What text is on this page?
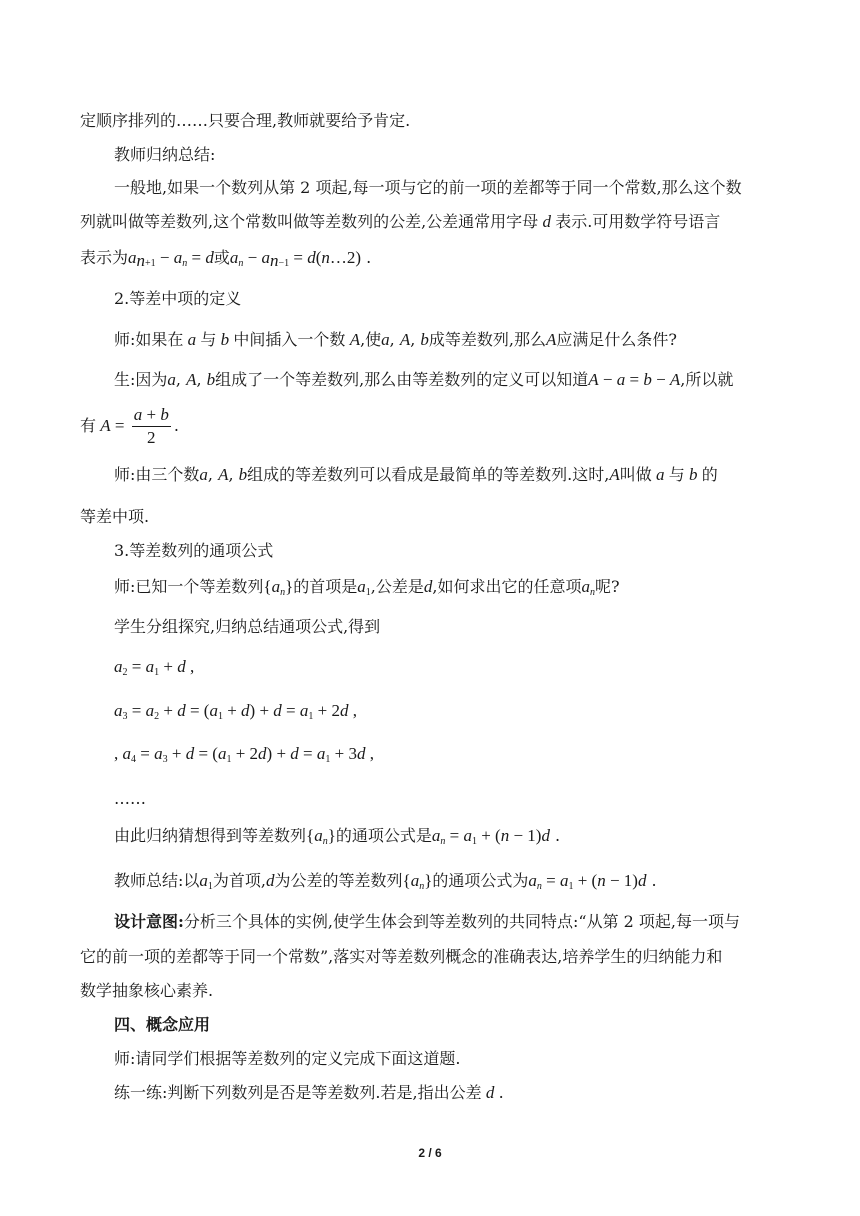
定顺序排列的……只要合理,教师就要给予肯定.
教师归纳总结:
一般地,如果一个数列从第 2 项起,每一项与它的前一项的差都等于同一个常数,那么这个数
列就叫做等差数列,这个常数叫做等差数列的公差,公差通常用字母 d 表示.可用数学符号语言
表示为$a_{n+1} - a_n = d$或$a_n - a_{n-1}$ = d(n…2) .
2.等差中项的定义
师:如果在 a 与 b 中间插入一个数 A,使a, A, b成等差数列,那么A应满足什么条件?
生:因为a, A, b组成了一个等差数列,那么由等差数列的定义可以知道A − a = b − A,所以就
有 $A = \frac{a + b}{2}$ .
师:由三个数a, A, b组成的等差数列可以看成是最简单的等差数列.这时,A叫做 a 与 b 的
等差中项.
3.等差数列的通项公式
师:已知一个等差数列$\{a_n\}$的首项是$a_1$,公差是d,如何求出它的任意项$a_n$呢?
学生分组探究,归纳总结通项公式,得到
$a_2 = a_1 + d$ ,
$a_3 = a_2 + d = (a_1 + d) + d = a_1 + 2d$ ,
, $a_4 = a_3 + d = (a_1 + 2d) + d = a_1 + 3d$ ,
……
由此归纳猜想得到等差数列$\{a_n\}$的通项公式是$a_n = a_1 + (n - 1)d$ .
教师总结:以$a_1$为首项,d为公差的等差数列$\{a_n\}$的通项公式为$a_n = a_1 + (n - 1)d$ .
设计意图:分析三个具体的实例,使学生体会到等差数列的共同特点:“从第 2 项起,每一项与
它的前一项的差都等于同一个常数”,落实对等差数列概念的准确表达,培养学生的归纳能力和
数学抽象核心素养.
四、概念应用
师:请同学们根据等差数列的定义完成下面这道题.
练一练:判断下列数列是否是等差数列.若是,指出公差 d .
2 / 6
